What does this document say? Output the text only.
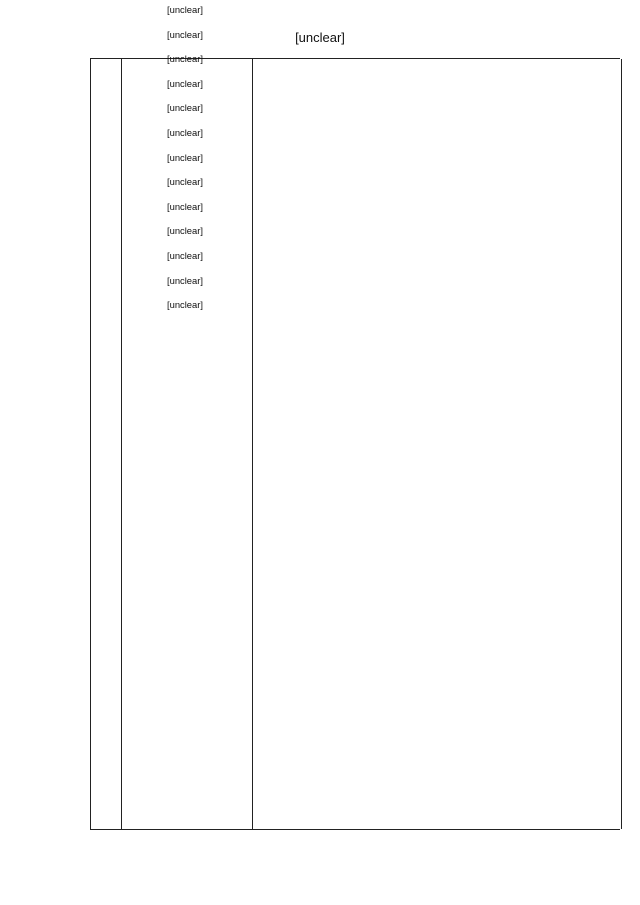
[unclear]

[unclear]

[unclear]

[unclear]

[unclear]

[unclear]

[unclear]

[unclear]

[unclear]

[unclear]

[unclear]

[unclear]

[unclear]

[unclear]
